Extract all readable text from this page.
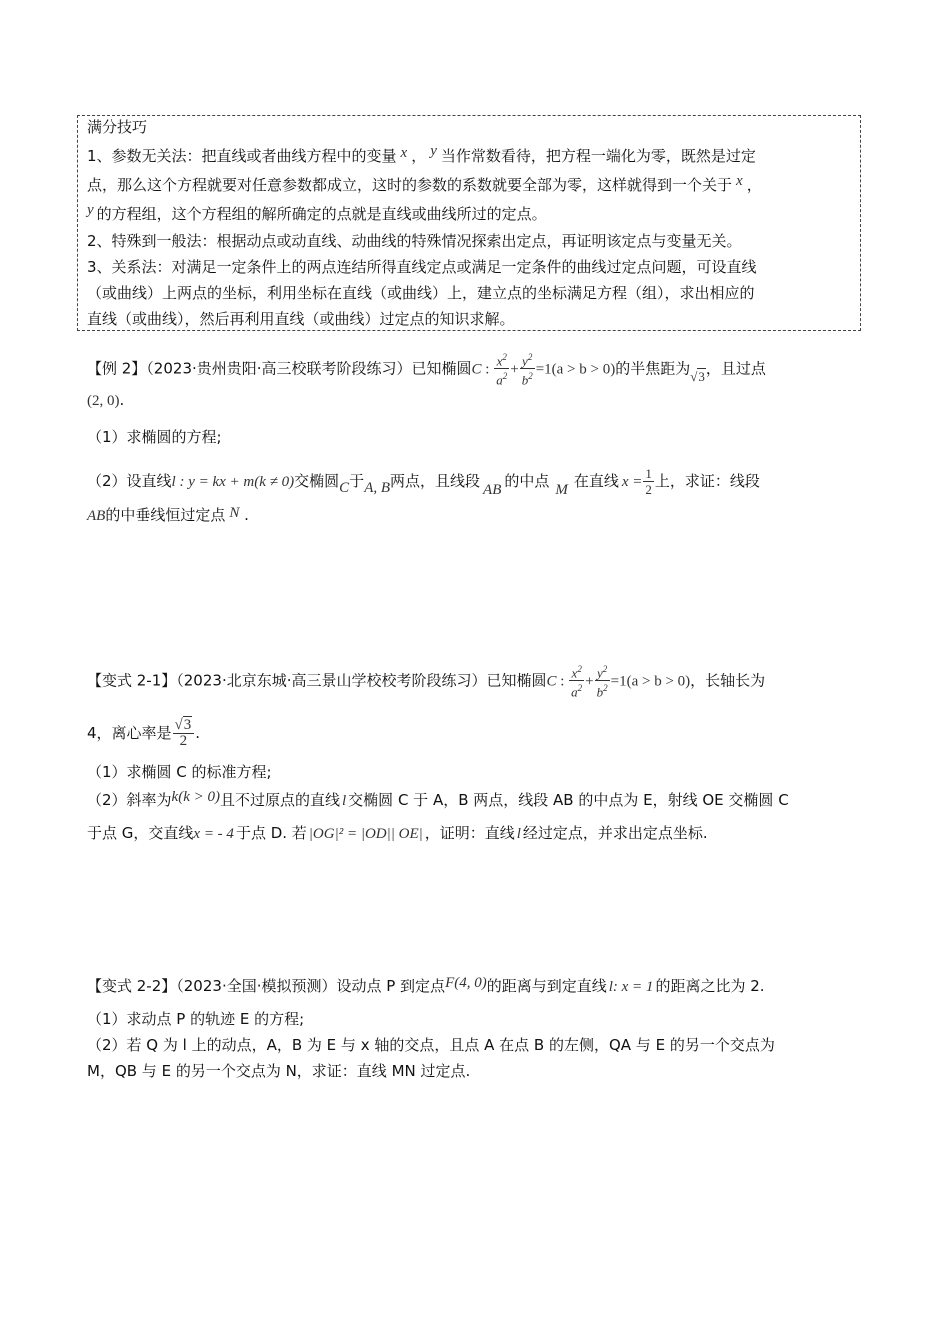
满分技巧
1、参数无关法：把直线或者曲线方程中的变量 x ， y 当作常数看待，把方程一端化为零，既然是过定
点，那么这个方程就要对任意参数都成立，这时的参数的系数就要全部为零，这样就得到一个关于 x ，
y 的方程组，这个方程组的解所确定的点就是直线或曲线所过的定点。
2、特殊到一般法：根据动点或动直线、动曲线的特殊情况探索出定点，再证明该定点与变量无关。
3、关系法：对满足一定条件上的两点连结所得直线定点或满足一定条件的曲线过定点问题，可设直线
（或曲线）上两点的坐标，利用坐标在直线（或曲线）上，建立点的坐标满足方程（组），求出相应的
直线（或曲线），然后再利用直线（或曲线）过定点的知识求解。
【例 2】（2023·贵州贵阳·高三校联考阶段练习）已知椭圆C : $\frac{x^2}{a^2} + \frac{y^2}{b^2} =1(a > b > 0)$的半焦距为√3，且过点
(2, 0).
（1）求椭圆的方程;
（2）设直线l : y = kx + m(k ≠ 0)交椭圆C于A, B两点，且线段 AB 的中点 M 在直线 $x = \frac{1}{2}$ 上，求证：线段
AB的中垂线恒过定点 N .
【变式 2-1】（2023·北京东城·高三景山学校校考阶段练习）已知椭圆C : $\frac{x^2}{a^2} + \frac{y^2}{b^2} =1(a > b > 0)$，长轴长为
4，离心率是 $\frac{√3}{2}$ .
（1）求椭圆 C 的标准方程;
（2）斜率为k(k > 0)且不过原点的直线 l 交椭圆 C 于 A，B 两点，线段 AB 的中点为 E，射线 OE 交椭圆 C
于点 G，交直线x = - 4 于点 D. 若 |OG|² = |OD|| OE| ，证明：直线 l 经过定点，并求出定点坐标.
【变式 2-2】（2023·全国·模拟预测）设动点 P 到定点F(4, 0)的距离与到定直线 l: x = 1 的距离之比为 2.
（1）求动点 P 的轨迹 E 的方程;
（2）若 Q 为 l 上的动点，A，B 为 E 与 x 轴的交点，且点 A 在点 B 的左侧，QA 与 E 的另一个交点为
M，QB 与 E 的另一个交点为 N，求证：直线 MN 过定点.
